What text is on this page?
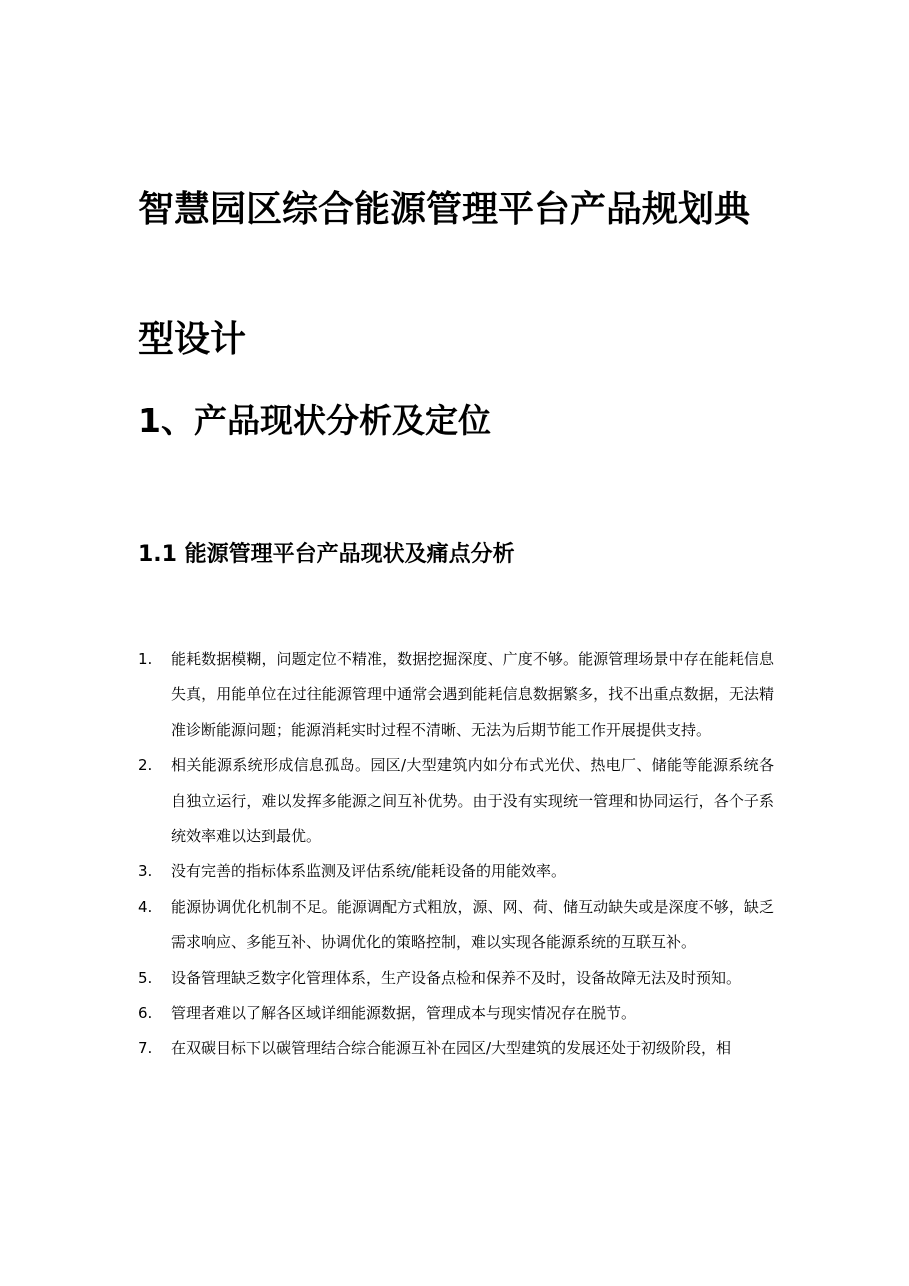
智慧园区综合能源管理平台产品规划典型设计
1、产品现状分析及定位
1.1 能源管理平台产品现状及痛点分析
1.	能耗数据模糊，问题定位不精准，数据挖掘深度、广度不够。能源管理场景中存在能耗信息失真，用能单位在过往能源管理中通常会遇到能耗信息数据繁多，找不出重点数据，无法精准诊断能源问题；能源消耗实时过程不清晰、无法为后期节能工作开展提供支持。
2.	相关能源系统形成信息孤岛。园区/大型建筑内如分布式光伏、热电厂、储能等能源系统各自独立运行，难以发挥多能源之间互补优势。由于没有实现统一管理和协同运行，各个子系统效率难以达到最优。
3.	没有完善的指标体系监测及评估系统/能耗设备的用能效率。
4.	能源协调优化机制不足。能源调配方式粗放，源、网、荷、储互动缺失或是深度不够，缺乏需求响应、多能互补、协调优化的策略控制，难以实现各能源系统的互联互补。
5.	设备管理缺乏数字化管理体系，生产设备点检和保养不及时，设备故障无法及时预知。
6.	管理者难以了解各区域详细能源数据，管理成本与现实情况存在脱节。
7.	在双碳目标下以碳管理结合综合能源互补在园区/大型建筑的发展还处于初级阶段，相
